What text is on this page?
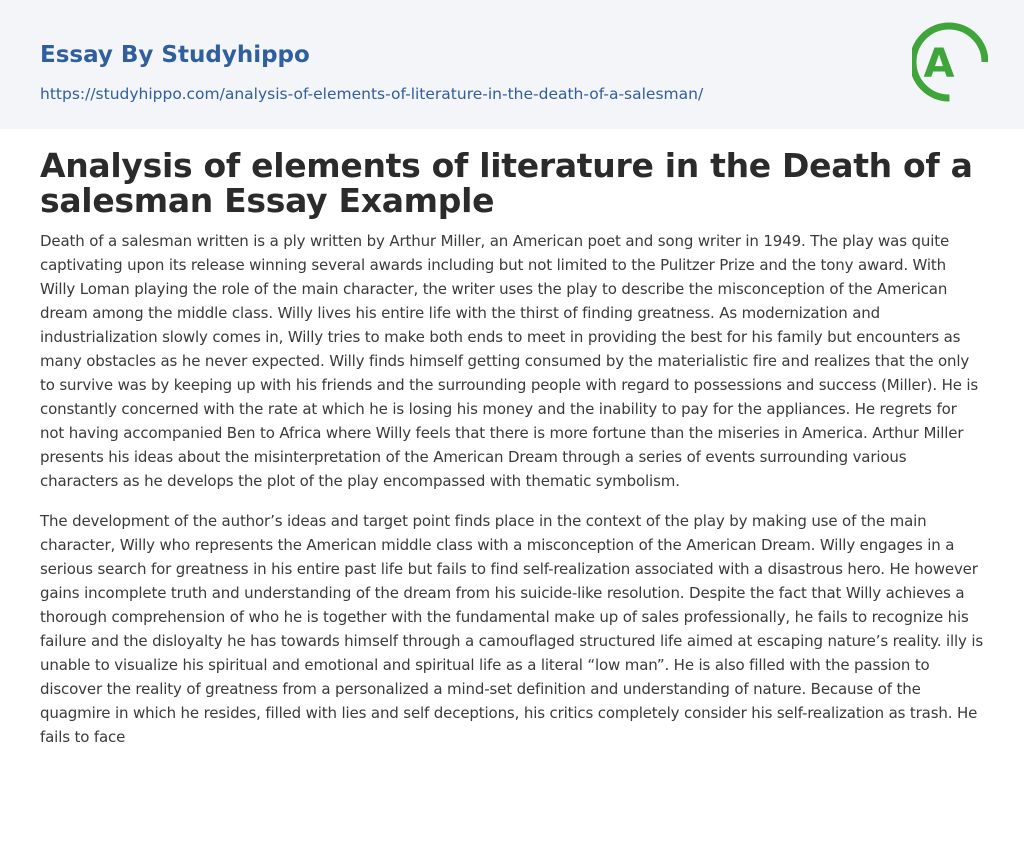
Essay By Studyhippo
https://studyhippo.com/analysis-of-elements-of-literature-in-the-death-of-a-salesman/
A
Analysis of elements of literature in the Death of a salesman Essay Example

Death of a salesman written is a ply written by Arthur Miller, an American poet and song writer in 1949. The play was quite captivating upon its release winning several awards including but not limited to the Pulitzer Prize and the tony award. With Willy Loman playing the role of the main character, the writer uses the play to describe the misconception of the American dream among the middle class. Willy lives his entire life with the thirst of finding greatness. As modernization and industrialization slowly comes in, Willy tries to make both ends to meet in providing the best for his family but encounters as many obstacles as he never expected. Willy finds himself getting consumed by the materialistic fire and realizes that the only to survive was by keeping up with his friends and the surrounding people with regard to possessions and success (Miller). He is constantly concerned with the rate at which he is losing his money and the inability to pay for the appliances. He regrets for not having accompanied Ben to Africa where Willy feels that there is more fortune than the miseries in America. Arthur Miller presents his ideas about the misinterpretation of the American Dream through a series of events surrounding various characters as he develops the plot of the play encompassed with thematic symbolism.

The development of the author’s ideas and target point finds place in the context of the play by making use of the main character, Willy who represents the American middle class with a misconception of the American Dream. Willy engages in a serious search for greatness in his entire past life but fails to find self-realization associated with a disastrous hero. He however gains incomplete truth and understanding of the dream from his suicide-like resolution. Despite the fact that Willy achieves a thorough comprehension of who he is together with the fundamental make up of sales professionally, he fails to recognize his failure and the disloyalty he has towards himself through a camouflaged structured life aimed at escaping nature’s reality. illy is unable to visualize his spiritual and emotional and spiritual life as a literal “low man”. He is also filled with the passion to discover the reality of greatness from a personalized a mind-set definition and understanding of nature. Because of the quagmire in which he resides, filled with lies and self deceptions, his critics completely consider his self-realization as trash. He fails to face
